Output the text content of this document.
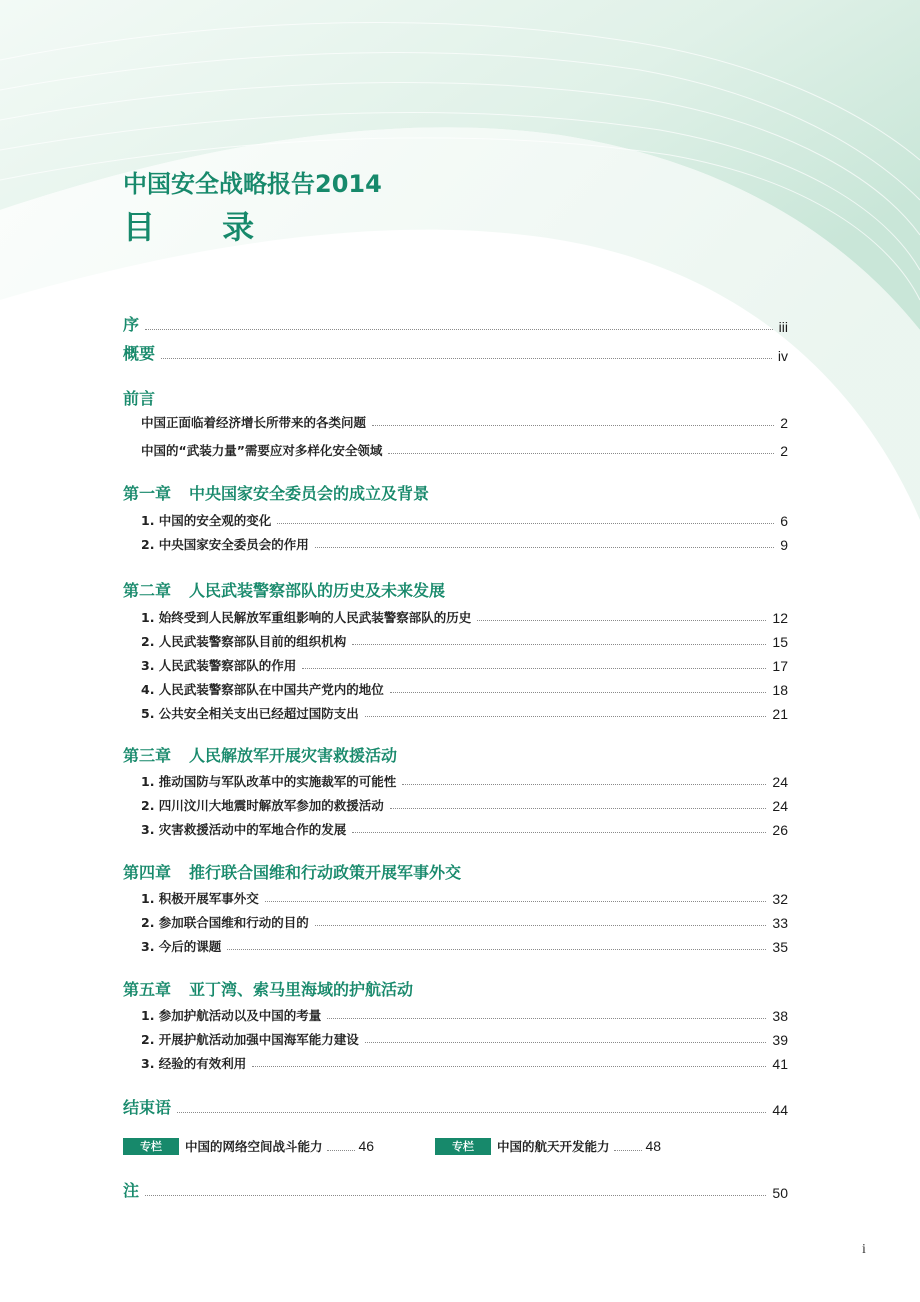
中国安全战略报告2014
目 录
序	iii
概要	iv
前言
中国正面临着经济增长所带来的各类问题	2
中国的“武装力量”需要应对多样化安全领域	2
第一章 中央国家安全委员会的成立及背景
1. 中国的安全观的变化	6
2. 中央国家安全委员会的作用	9
第二章 人民武装警察部队的历史及未来发展
1. 始终受到人民解放军重组影响的人民武装警察部队的历史	12
2. 人民武装警察部队目前的组织机构	15
3. 人民武装警察部队的作用	17
4. 人民武装警察部队在中国共产党内的地位	18
5. 公共安全相关支出已经超过国防支出	21
第三章 人民解放军开展灾害救援活动
1. 推动国防与军队改革中的实施裁军的可能性	24
2. 四川汶川大地震时解放军参加的救援活动	24
3. 灾害救援活动中的军地合作的发展	26
第四章 推行联合国维和行动政策开展军事外交
1. 积极开展军事外交	32
2. 参加联合国维和行动的目的	33
3. 今后的课题	35
第五章 亚丁湾、索马里海域的护航活动
1. 参加护航活动以及中国的考量	38
2. 开展护航活动加强中国海军能力建设	39
3. 经验的有效利用	41
结束语	44
专栏	中国的网络空间战斗能力	46	专栏	中国的航天开发能力	48
注	50
i
